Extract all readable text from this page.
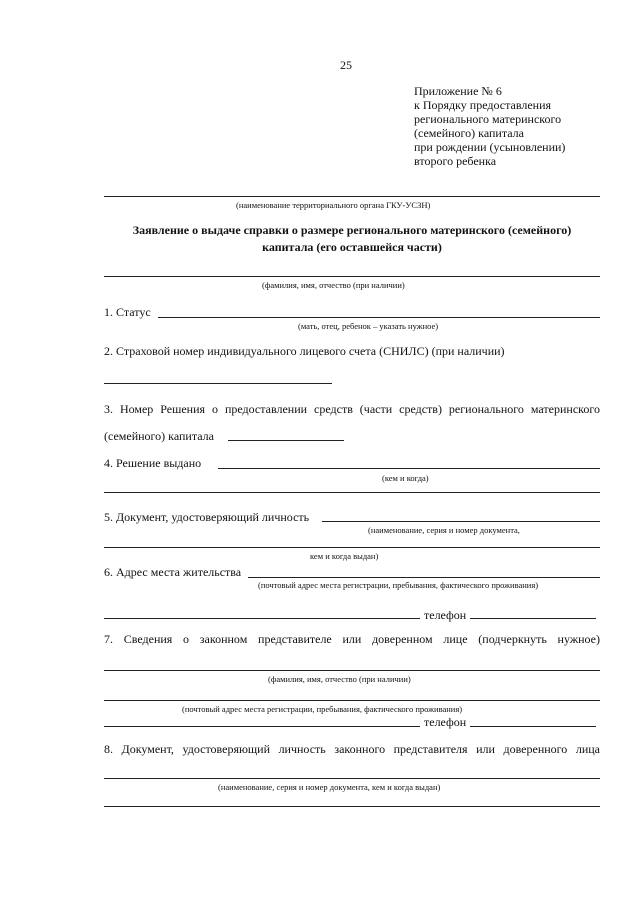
25
Приложение № 6
к Порядку предоставления
регионального материнского
(семейного) капитала
при рождении (усыновлении)
второго ребенка
(наименование территориального органа ГКУ-УСЗН)
Заявление о выдаче справки о размере регионального материнского (семейного)
капитала (его оставшейся части)
(фамилия, имя, отчество (при наличии)
1. Статус
(мать, отец, ребенок – указать нужное)
2. Страховой номер индивидуального лицевого счета (СНИЛС) (при наличии)
3. Номер Решения о предоставлении средств (части средств) регионального материнского
(семейного) капитала
4. Решение выдано
(кем и когда)
5. Документ, удостоверяющий личность
(наименование, серия и номер документа,
кем и когда выдан)
6. Адрес места жительства
(почтовый адрес места регистрации, пребывания, фактического проживания)
телефон
7. Сведения о законном представителе или доверенном лице (подчеркнуть нужное)
(фамилия, имя, отчество (при наличии)
(почтовый адрес места регистрации, пребывания, фактического проживания)
телефон
8. Документ, удостоверяющий личность законного представителя или доверенного лица
(наименование, серия и номер документа, кем и когда выдан)
